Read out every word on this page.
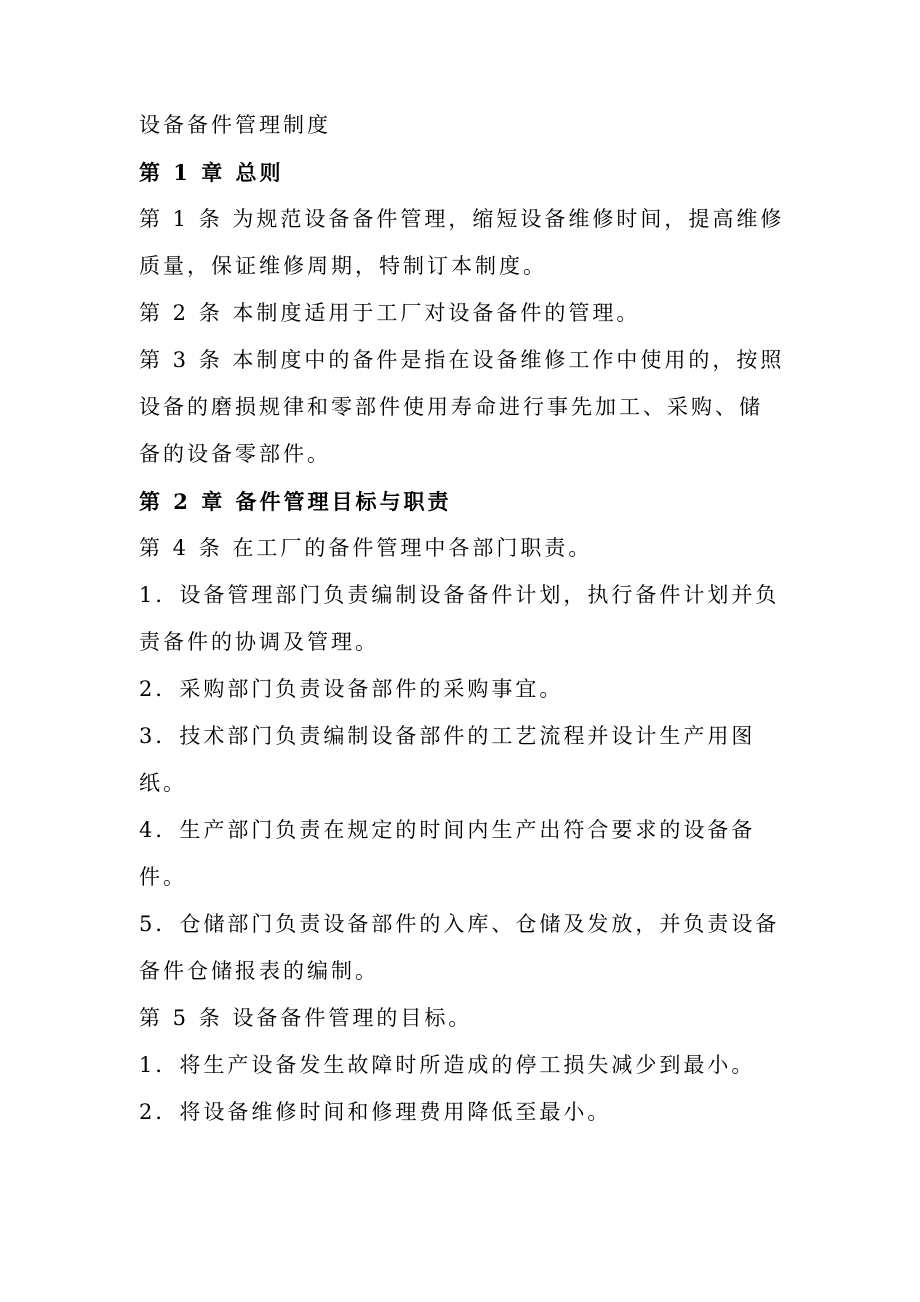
设备备件管理制度
第 1 章 总则
第 1 条 为规范设备备件管理，缩短设备维修时间，提高维修
质量，保证维修周期，特制订本制度。
第 2 条 本制度适用于工厂对设备备件的管理。
第 3 条 本制度中的备件是指在设备维修工作中使用的，按照
设备的磨损规律和零部件使用寿命进行事先加工、采购、储
备的设备零部件。
第 2 章 备件管理目标与职责
第 4 条 在工厂的备件管理中各部门职责。
1．设备管理部门负责编制设备备件计划，执行备件计划并负
责备件的协调及管理。
2．采购部门负责设备部件的采购事宜。
3．技术部门负责编制设备部件的工艺流程并设计生产用图
纸。
4．生产部门负责在规定的时间内生产出符合要求的设备备
件。
5．仓储部门负责设备部件的入库、仓储及发放，并负责设备
备件仓储报表的编制。
第 5 条 设备备件管理的目标。
1．将生产设备发生故障时所造成的停工损失减少到最小。
2．将设备维修时间和修理费用降低至最小。
